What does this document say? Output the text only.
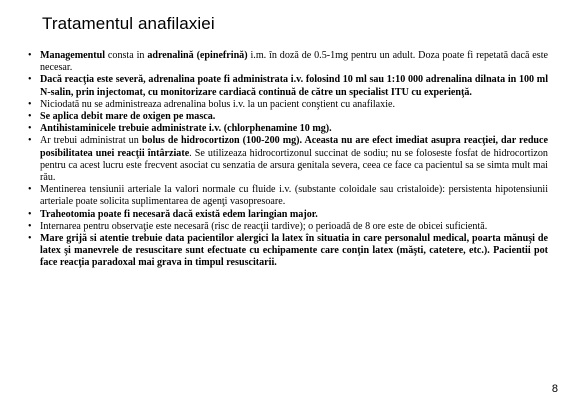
Tratamentul anafilaxiei
• Managementul consta in adrenalină (epinefrină) i.m. în doză de 0.5-1mg pentru un adult. Doza poate fi repetată dacă este necesar.
• Dacă reacţia este severă, adrenalina poate fi administrata i.v. folosind 10 ml sau 1:10 000 adrenalina dilnata in 100 ml N-salin, prin injectomat, cu monitorizare cardiacă continuă de către un specialist ITU cu experienţă.
• Niciodată nu se administreaza adrenalina bolus i.v. la un pacient conştient cu anafilaxie.
• Se aplica debit mare de oxigen pe masca.
• Antihistaminicele trebuie administrate i.v. (chlorphenamine 10 mg).
• Ar trebui administrat un bolus de hidrocortizon (100-200 mg). Aceasta nu are efect imediat asupra reacţiei, dar reduce posibilitatea unei reacţii întârziate. Se utilizeaza hidrocortizonul succinat de sodiu; nu se foloseste fosfat de hidrocortizon pentru ca acest lucru este frecvent asociat cu senzatia de arsura genitala severa, ceea ce face ca pacientul sa se simta mult mai rău.
• Mentinerea tensiunii arteriale la valori normale cu fluide i.v. (substante coloidale sau cristaloide): persistenta hipotensiunii arteriale poate solicita suplimentarea de agenţi vasopresoare.
• Traheotomia poate fi necesară dacă există edem laringian major.
• Internarea pentru observaţie este necesară (risc de reacţii tardive); o perioadă de 8 ore este de obicei suficientă.
• Mare grijă si atentie trebuie data pacientilor alergici la latex în situatia in care personalul medical, poarta mănuşi de latex şi manevrele de resuscitare sunt efectuate cu echipamente care conţin latex (măşti, catetere, etc.). Pacientii pot face reacţia paradoxal mai grava in timpul resuscitarii.
8
